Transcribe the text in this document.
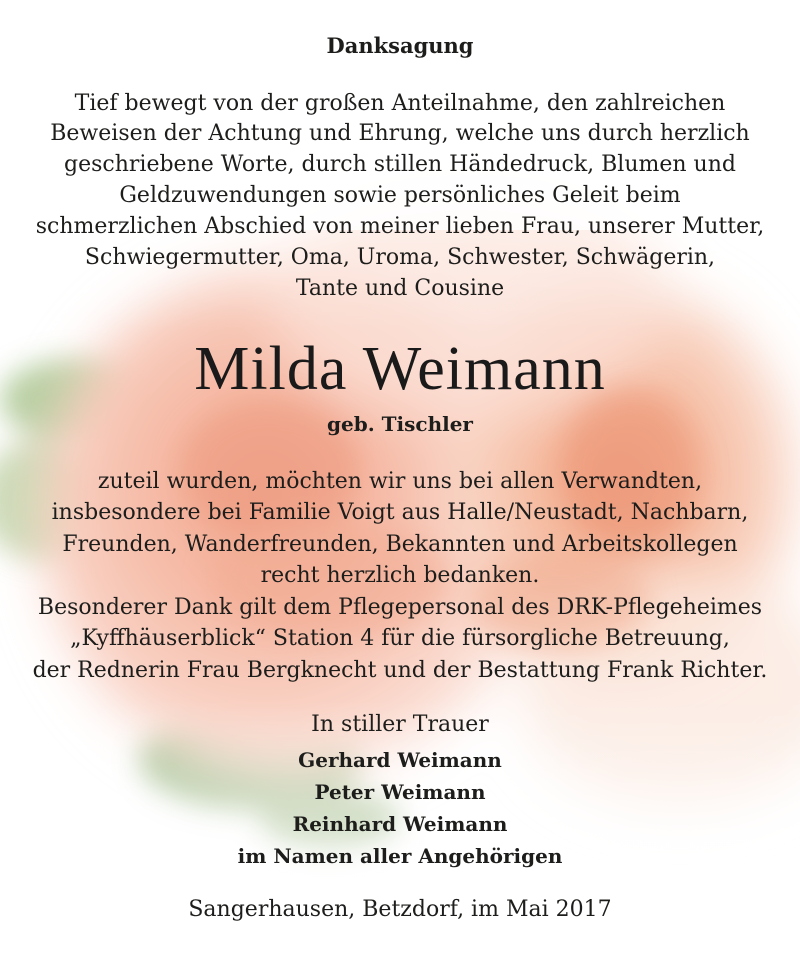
Danksagung
Tief bewegt von der großen Anteilnahme, den zahlreichen
Beweisen der Achtung und Ehrung, welche uns durch herzlich
geschriebene Worte, durch stillen Händedruck, Blumen und
Geldzuwendungen sowie persönliches Geleit beim
schmerzlichen Abschied von meiner lieben Frau, unserer Mutter,
Schwiegermutter, Oma, Uroma, Schwester, Schwägerin,
Tante und Cousine
Milda Weimann
geb. Tischler
zuteil wurden, möchten wir uns bei allen Verwandten,
insbesondere bei Familie Voigt aus Halle/Neustadt, Nachbarn,
Freunden, Wanderfreunden, Bekannten und Arbeitskollegen
recht herzlich bedanken.
Besonderer Dank gilt dem Pflegepersonal des DRK-Pflegeheimes
„Kyffhäuserblick“ Station 4 für die fürsorgliche Betreuung,
der Rednerin Frau Bergknecht und der Bestattung Frank Richter.
In stiller Trauer
Gerhard Weimann
Peter Weimann
Reinhard Weimann
im Namen aller Angehörigen
Sangerhausen, Betzdorf, im Mai 2017
